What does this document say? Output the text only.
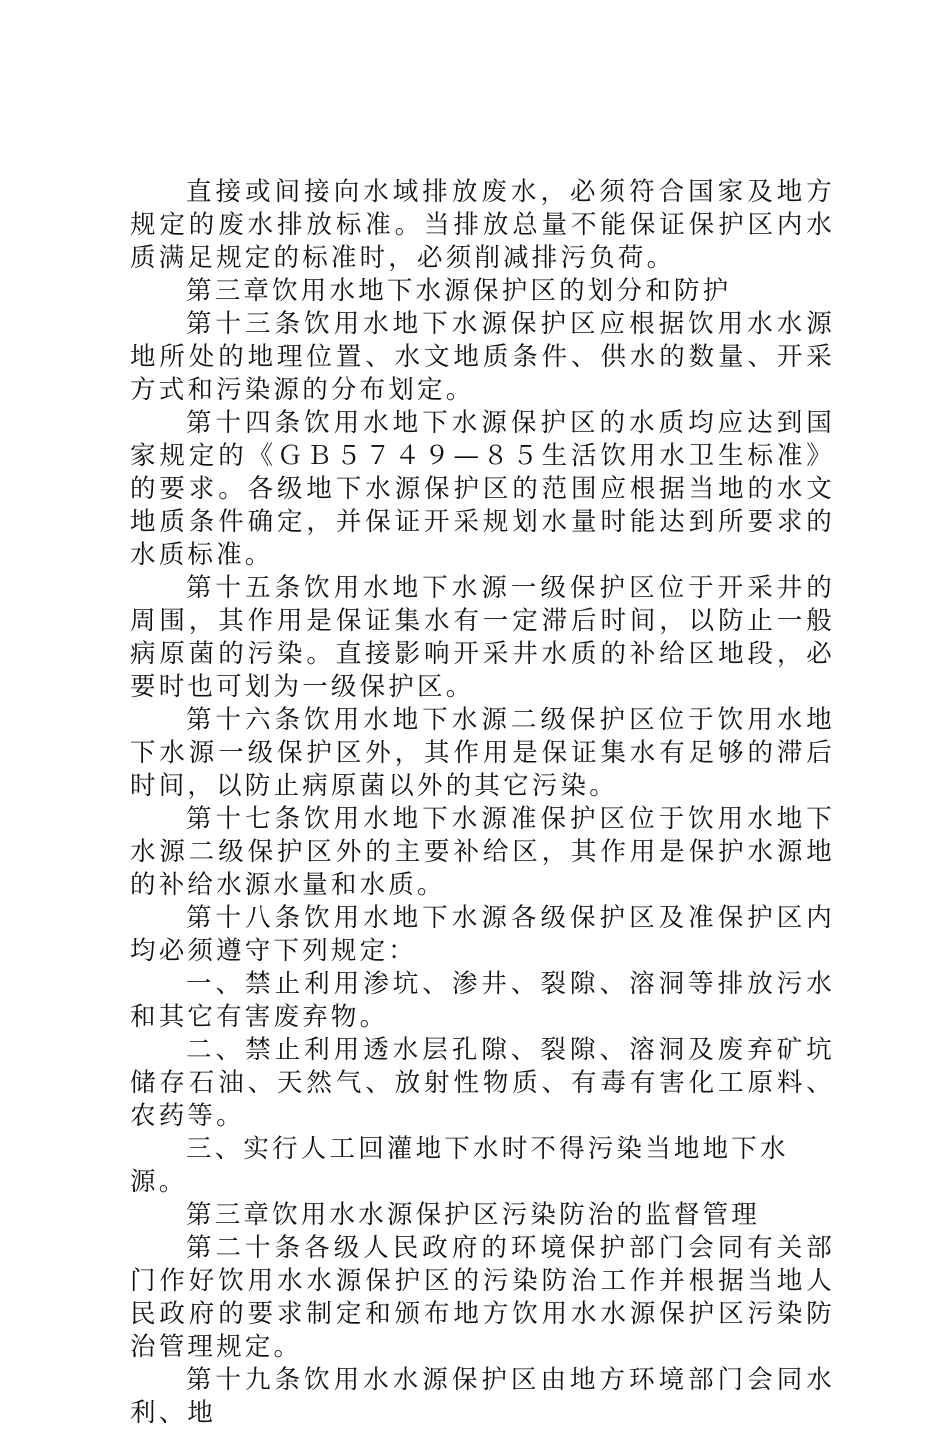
直接或间接向水域排放废水，必须符合国家及地方规定的废水排放标准。当排放总量不能保证保护区内水质满足规定的标准时，必须削减排污负荷。

第三章饮用水地下水源保护区的划分和防护

第十三条饮用水地下水源保护区应根据饮用水水源地所处的地理位置、水文地质条件、供水的数量、开采方式和污染源的分布划定。

第十四条饮用水地下水源保护区的水质均应达到国家规定的《ＧＢ５７４９—８５生活饮用水卫生标准》的要求。各级地下水源保护区的范围应根据当地的水文地质条件确定，并保证开采规划水量时能达到所要求的水质标准。

第十五条饮用水地下水源一级保护区位于开采井的周围，其作用是保证集水有一定滞后时间，以防止一般病原菌的污染。直接影响开采井水质的补给区地段，必要时也可划为一级保护区。

第十六条饮用水地下水源二级保护区位于饮用水地下水源一级保护区外，其作用是保证集水有足够的滞后时间，以防止病原菌以外的其它污染。

第十七条饮用水地下水源准保护区位于饮用水地下水源二级保护区外的主要补给区，其作用是保护水源地的补给水源水量和水质。

第十八条饮用水地下水源各级保护区及准保护区内均必须遵守下列规定：

一、禁止利用渗坑、渗井、裂隙、溶洞等排放污水和其它有害废弃物。

二、禁止利用透水层孔隙、裂隙、溶洞及废弃矿坑储存石油、天然气、放射性物质、有毒有害化工原料、农药等。

三、实行人工回灌地下水时不得污染当地地下水源。

第三章饮用水水源保护区污染防治的监督管理

第二十条各级人民政府的环境保护部门会同有关部门作好饮用水水源保护区的污染防治工作并根据当地人民政府的要求制定和颁布地方饮用水水源保护区污染防治管理规定。

第十九条饮用水水源保护区由地方环境部门会同水利、地
